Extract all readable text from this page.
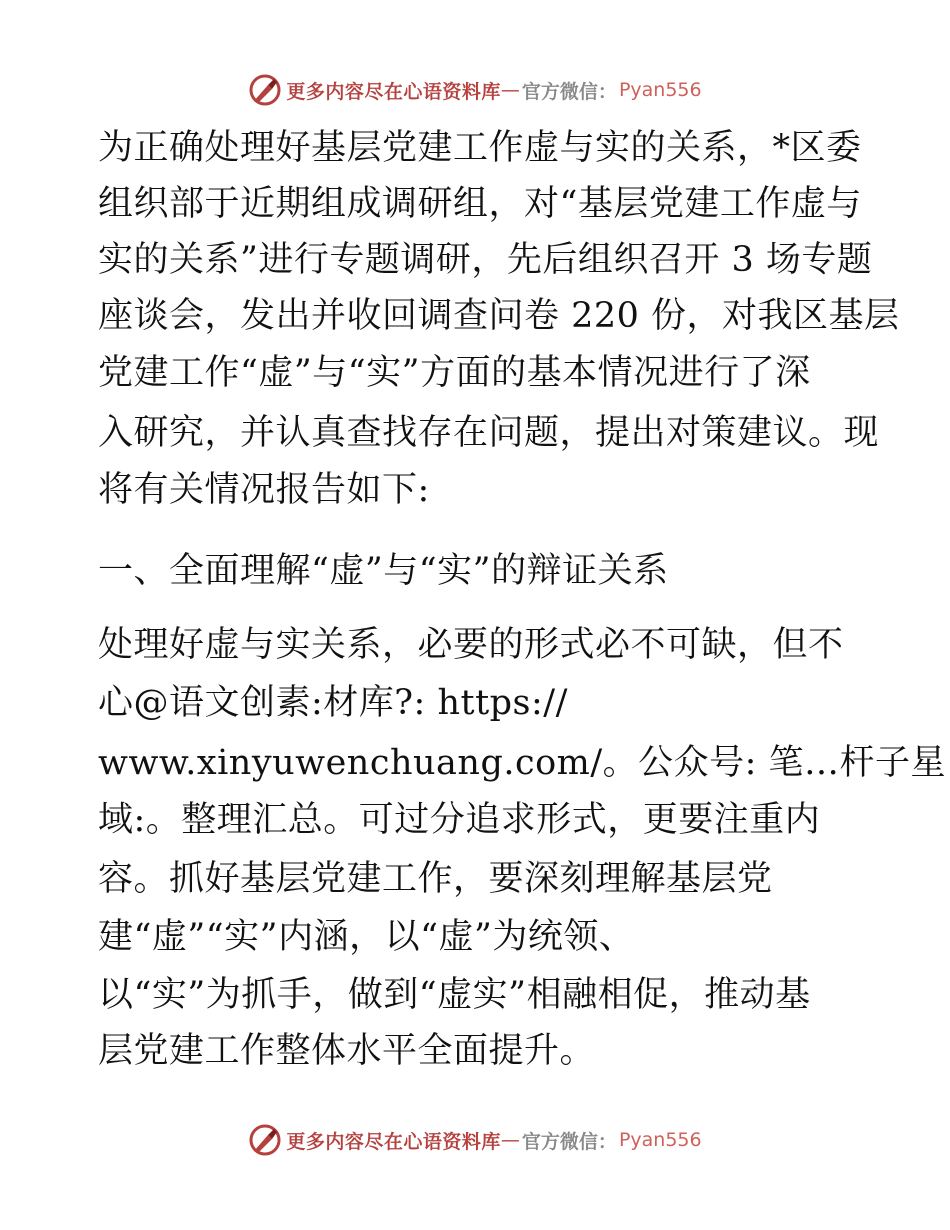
更多内容尽在心语资料库 — 官方微信： Pyan556
为正确处理好基层党建工作虚与实的关系，*区委
组织部于近期组成调研组，对“基层党建工作虚与
实的关系”进行专题调研，先后组织召开 3 场专题
座谈会，发出并收回调查问卷 220 份，对我区基层
党建工作“虚”与“实”方面的基本情况进行了深
入研究，并认真查找存在问题，提出对策建议。现
将有关情况报告如下:
一、全面理解“虚”与“实”的辩证关系
处理好虚与实关系，必要的形式必不可缺，但不
心@语文创素:材库?: https://
www.xinyuwenchuang.com/。公众号: 笔…杆子星
域:。整理汇总。可过分追求形式，更要注重内
容。抓好基层党建工作，要深刻理解基层党
建“虚”“实”内涵，以“虚”为统领、
以“实”为抓手，做到“虚实”相融相促，推动基
层党建工作整体水平全面提升。
更多内容尽在心语资料库 — 官方微信： Pyan556
